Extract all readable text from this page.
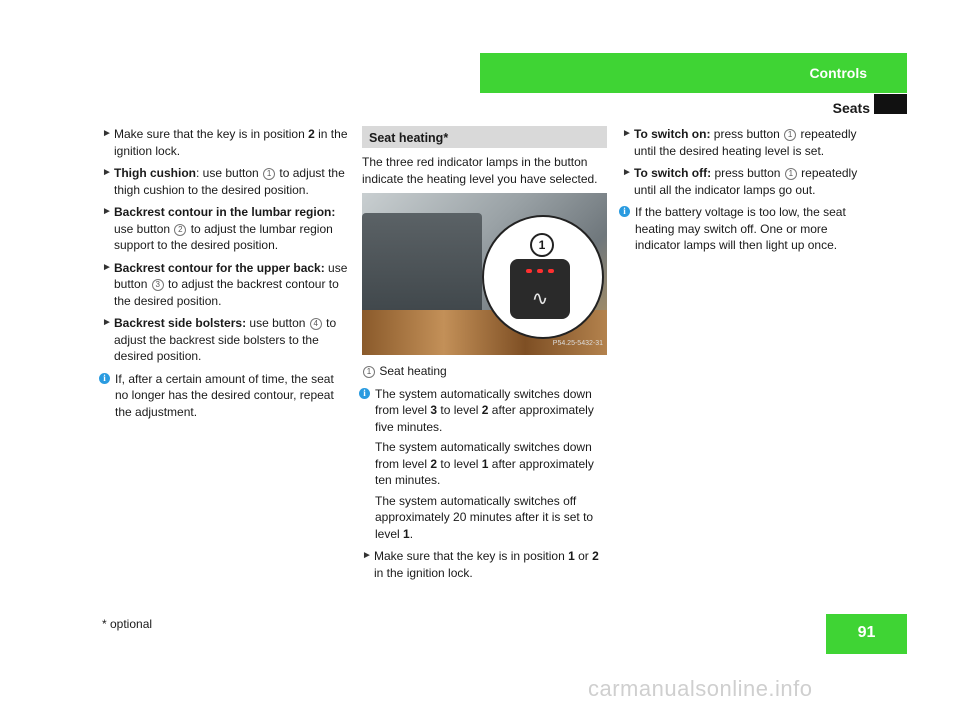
Controls
Seats
► Make sure that the key is in position 2 in the ignition lock.
► Thigh cushion: use button 1 to adjust the thigh cushion to the desired position.
► Backrest contour in the lumbar region: use button 2 to adjust the lumbar region support to the desired position.
► Backrest contour for the upper back: use button 3 to adjust the backrest contour to the desired position.
► Backrest side bolsters: use button 4 to adjust the backrest side bolsters to the desired position.
i If, after a certain amount of time, the seat no longer has the desired contour, repeat the adjustment.
Seat heating*
The three red indicator lamps in the button indicate the heating level you have selected.
1
∿
P54.25-5432-31
1 Seat heating
i The system automatically switches down from level 3 to level 2 after approximately five minutes.
The system automatically switches down from level 2 to level 1 after approximately ten minutes.
The system automatically switches off approximately 20 minutes after it is set to level 1.
► Make sure that the key is in position 1 or 2 in the ignition lock.
► To switch on: press button 1 repeatedly until the desired heating level is set.
► To switch off: press button 1 repeatedly until all the indicator lamps go out.
i If the battery voltage is too low, the seat heating may switch off. One or more indicator lamps will then light up once.
* optional	91
carmanualsonline.info
